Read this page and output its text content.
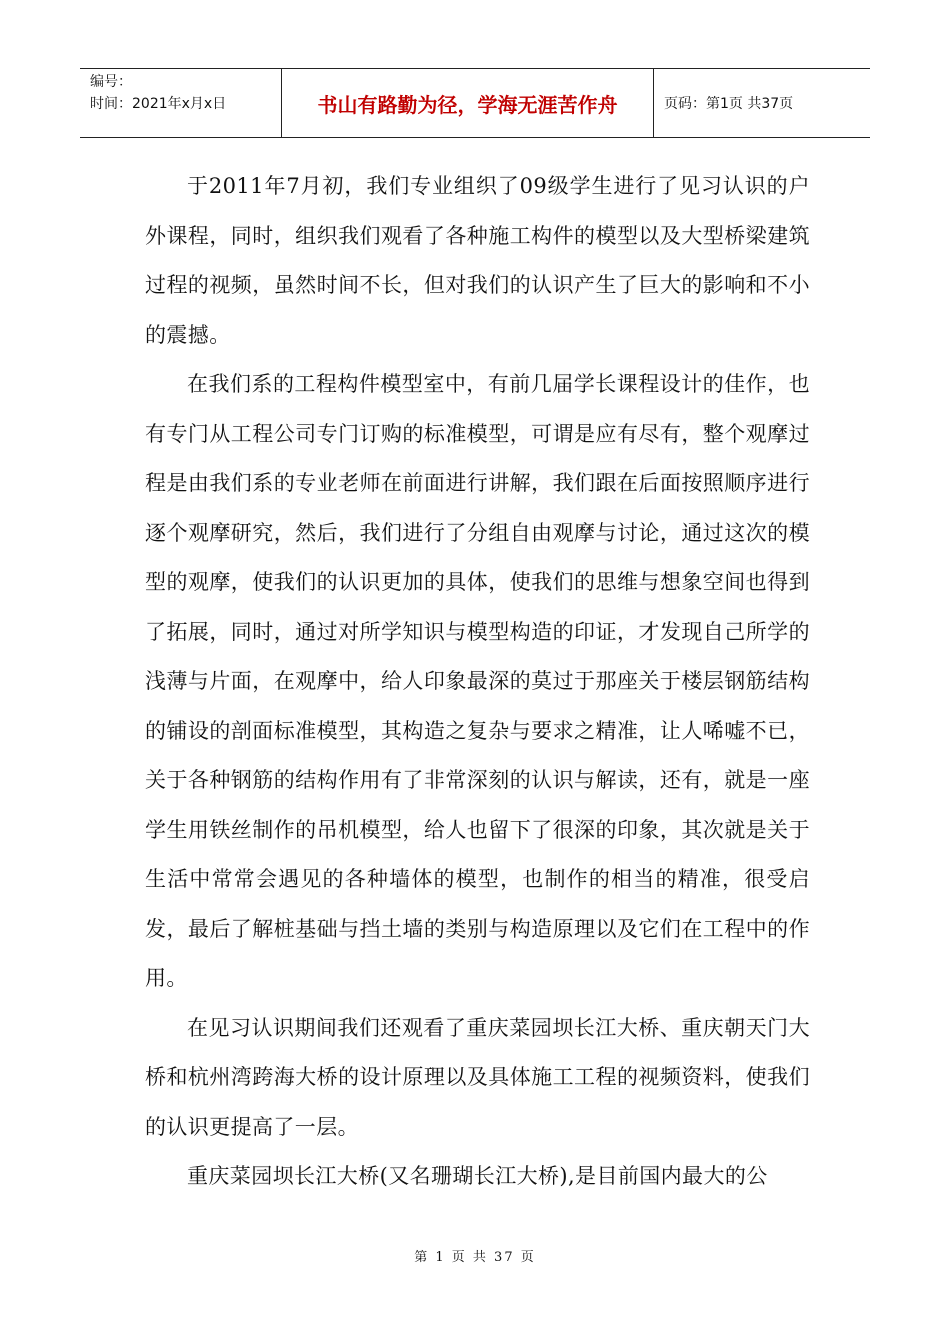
编号：
时间：2021年x月x日	书山有路勤为径，学海无涯苦作舟	页码：第1页 共37页

于2011年7月初，我们专业组织了09级学生进行了见习认识的户外课程，同时，组织我们观看了各种施工构件的模型以及大型桥梁建筑过程的视频，虽然时间不长，但对我们的认识产生了巨大的影响和不小的震撼。

在我们系的工程构件模型室中，有前几届学长课程设计的佳作，也有专门从工程公司专门订购的标准模型，可谓是应有尽有，整个观摩过程是由我们系的专业老师在前面进行讲解，我们跟在后面按照顺序进行逐个观摩研究，然后，我们进行了分组自由观摩与讨论，通过这次的模型的观摩，使我们的认识更加的具体，使我们的思维与想象空间也得到了拓展，同时，通过对所学知识与模型构造的印证，才发现自己所学的浅薄与片面，在观摩中，给人印象最深的莫过于那座关于楼层钢筋结构的铺设的剖面标准模型，其构造之复杂与要求之精准，让人唏嘘不已，关于各种钢筋的结构作用有了非常深刻的认识与解读，还有，就是一座学生用铁丝制作的吊机模型，给人也留下了很深的印象，其次就是关于生活中常常会遇见的各种墙体的模型，也制作的相当的精准，很受启发，最后了解桩基础与挡土墙的类别与构造原理以及它们在工程中的作用。

在见习认识期间我们还观看了重庆菜园坝长江大桥、重庆朝天门大桥和杭州湾跨海大桥的设计原理以及具体施工工程的视频资料，使我们的认识更提高了一层。

重庆菜园坝长江大桥(又名珊瑚长江大桥),是目前国内最大的公

第 1 页 共 37 页
